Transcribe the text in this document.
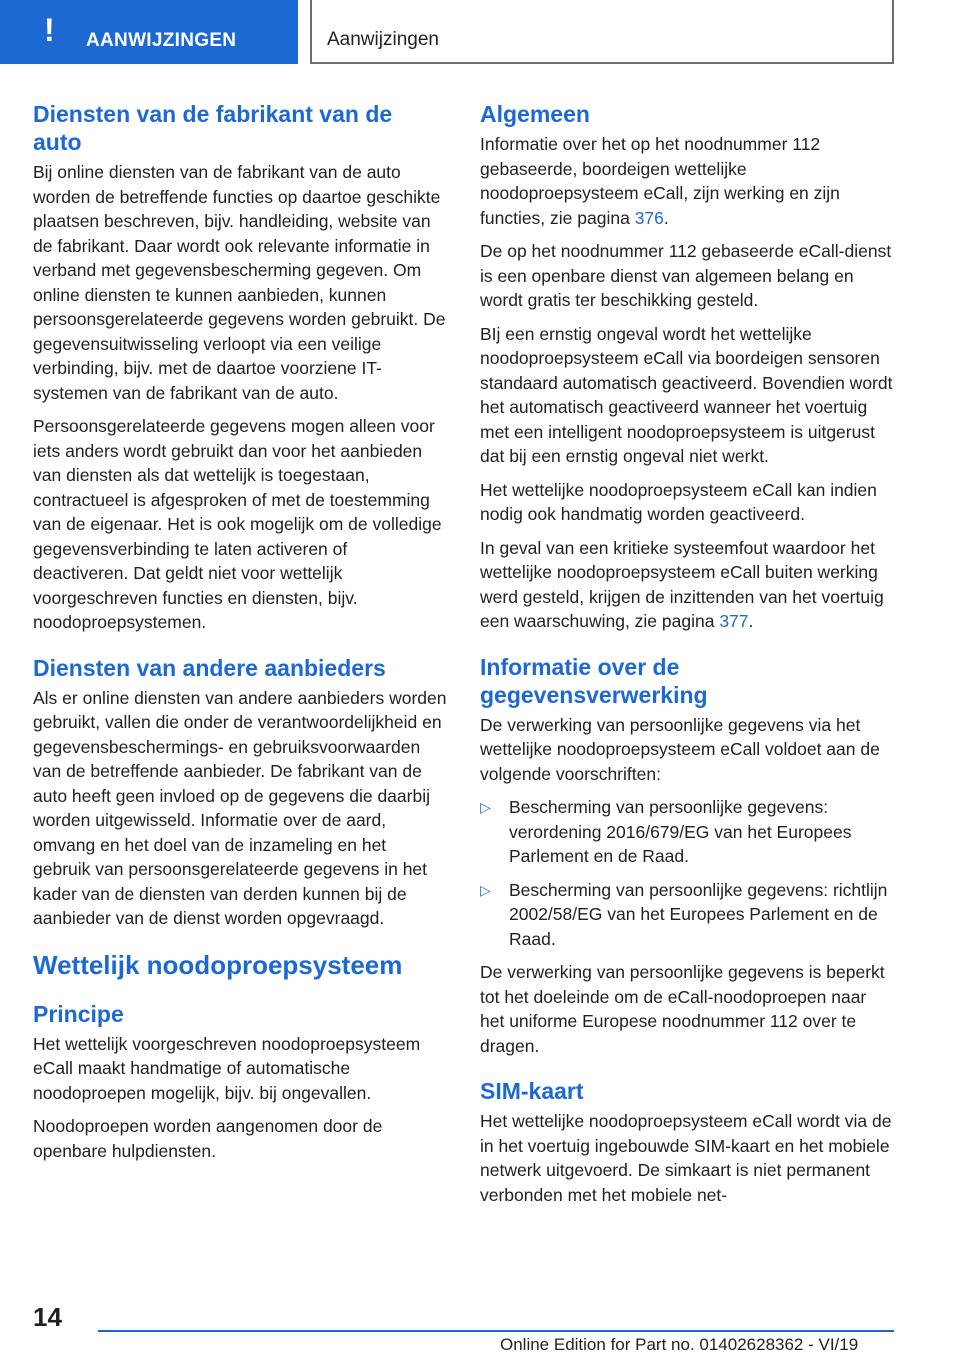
! AANWIJZINGEN	Aanwijzingen
Diensten van de fabrikant van de auto

Bij online diensten van de fabrikant van de auto worden de betreffende functies op daartoe geschikte plaatsen beschreven, bijv. handleiding, website van de fabrikant. Daar wordt ook relevante informatie in verband met gegevensbescherming gegeven. Om online diensten te kunnen aanbieden, kunnen persoonsgerelateerde gegevens worden gebruikt. De gegevensuitwisseling verloopt via een veilige verbinding, bijv. met de daartoe voorziene IT-systemen van de fabrikant van de auto.

Persoonsgerelateerde gegevens mogen alleen voor iets anders wordt gebruikt dan voor het aanbieden van diensten als dat wettelijk is toegestaan, contractueel is afgesproken of met de toestemming van de eigenaar. Het is ook mogelijk om de volledige gegevensverbinding te laten activeren of deactiveren. Dat geldt niet voor wettelijk voorgeschreven functies en diensten, bijv. noodoproepsystemen.

Diensten van andere aanbieders

Als er online diensten van andere aanbieders worden gebruikt, vallen die onder de verantwoordelijkheid en gegevensbeschermings- en gebruiksvoorwaarden van de betreffende aanbieder. De fabrikant van de auto heeft geen invloed op de gegevens die daarbij worden uitgewisseld. Informatie over de aard, omvang en het doel van de inzameling en het gebruik van persoonsgerelateerde gegevens in het kader van de diensten van derden kunnen bij de aanbieder van de dienst worden opgevraagd.

Wettelijk noodoproepsysteem
Principe

Het wettelijk voorgeschreven noodoproepsysteem eCall maakt handmatige of automatische noodoproepen mogelijk, bijv. bij ongevallen.

Noodoproepen worden aangenomen door de openbare hulpdiensten.

Algemeen

Informatie over het op het noodnummer 112 gebaseerde, boordeigen wettelijke noodoproepsysteem eCall, zijn werking en zijn functies, zie pagina 376.

De op het noodnummer 112 gebaseerde eCall-dienst is een openbare dienst van algemeen belang en wordt gratis ter beschikking gesteld.

BIj een ernstig ongeval wordt het wettelijke noodoproepsysteem eCall via boordeigen sensoren standaard automatisch geactiveerd. Bovendien wordt het automatisch geactiveerd wanneer het voertuig met een intelligent noodoproepsysteem is uitgerust dat bij een ernstig ongeval niet werkt.

Het wettelijke noodoproepsysteem eCall kan indien nodig ook handmatig worden geactiveerd.

In geval van een kritieke systeemfout waardoor het wettelijke noodoproepsysteem eCall buiten werking werd gesteld, krijgen de inzittenden van het voertuig een waarschuwing, zie pagina 377.

Informatie over de gegevensverwerking

De verwerking van persoonlijke gegevens via het wettelijke noodoproepsysteem eCall voldoet aan de volgende voorschriften:

▷ Bescherming van persoonlijke gegevens: verordening 2016/679/EG van het Europees Parlement en de Raad.
▷ Bescherming van persoonlijke gegevens: richtlijn 2002/58/EG van het Europees Parlement en de Raad.

De verwerking van persoonlijke gegevens is beperkt tot het doeleinde om de eCall-noodoproepen naar het uniforme Europese noodnummer 112 over te dragen.

SIM-kaart

Het wettelijke noodoproepsysteem eCall wordt via de in het voertuig ingebouwde SIM-kaart en het mobiele netwerk uitgevoerd. De simkaart is niet permanent verbonden met het mobiele net-

14
Online Edition for Part no. 01402628362 - VI/19
